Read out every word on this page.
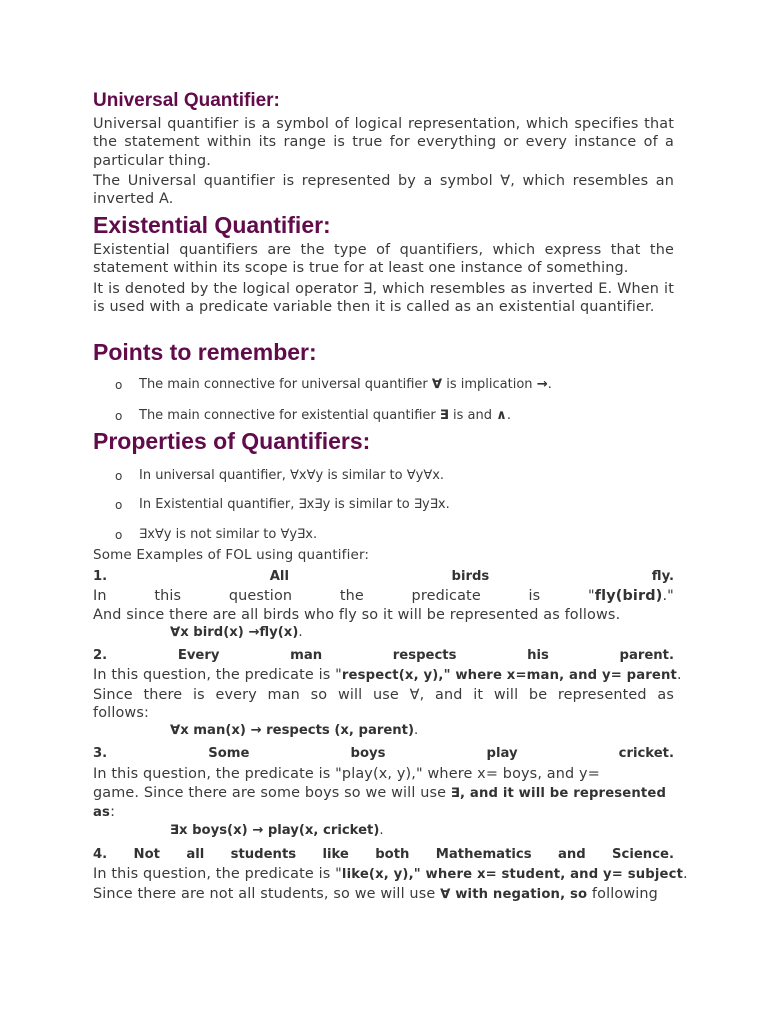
Universal Quantifier:
Universal quantifier is a symbol of logical representation, which specifies that the statement within its range is true for everything or every instance of a particular thing.
The Universal quantifier is represented by a symbol ∀, which resembles an inverted A.
Existential Quantifier:
Existential quantifiers are the type of quantifiers, which express that the statement within its scope is true for at least one instance of something.
It is denoted by the logical operator ∃, which resembles as inverted E. When it is used with a predicate variable then it is called as an existential quantifier.
Points to remember:
o The main connective for universal quantifier ∀ is implication →.
o The main connective for existential quantifier ∃ is and ∧.
Properties of Quantifiers:
o In universal quantifier, ∀x∀y is similar to ∀y∀x.
o In Existential quantifier, ∃x∃y is similar to ∃y∃x.
o ∃x∀y is not similar to ∀y∃x.
Some Examples of FOL using quantifier:
1.	All	birds	fly.
In	this	question	the	predicate	is	"fly(bird)."
And since there are all birds who fly so it will be represented as follows.
∀x bird(x) →fly(x).
2.	Every	man	respects	his	parent.
In this question, the predicate is "respect(x, y)," where x=man, and y= parent.
Since there is every man so will use ∀, and it will be represented as
follows:
∀x man(x) → respects (x, parent).
3.	Some	boys	play	cricket.
In this question, the predicate is "play(x, y)," where x= boys, and y=
game. Since there are some boys so we will use ∃, and it will be represented
as:
∃x boys(x) → play(x, cricket).
4. Not all students like both Mathematics and Science.
In this question, the predicate is "like(x, y)," where x= student, and y= subject.
Since there are not all students, so we will use ∀ with negation, so following
